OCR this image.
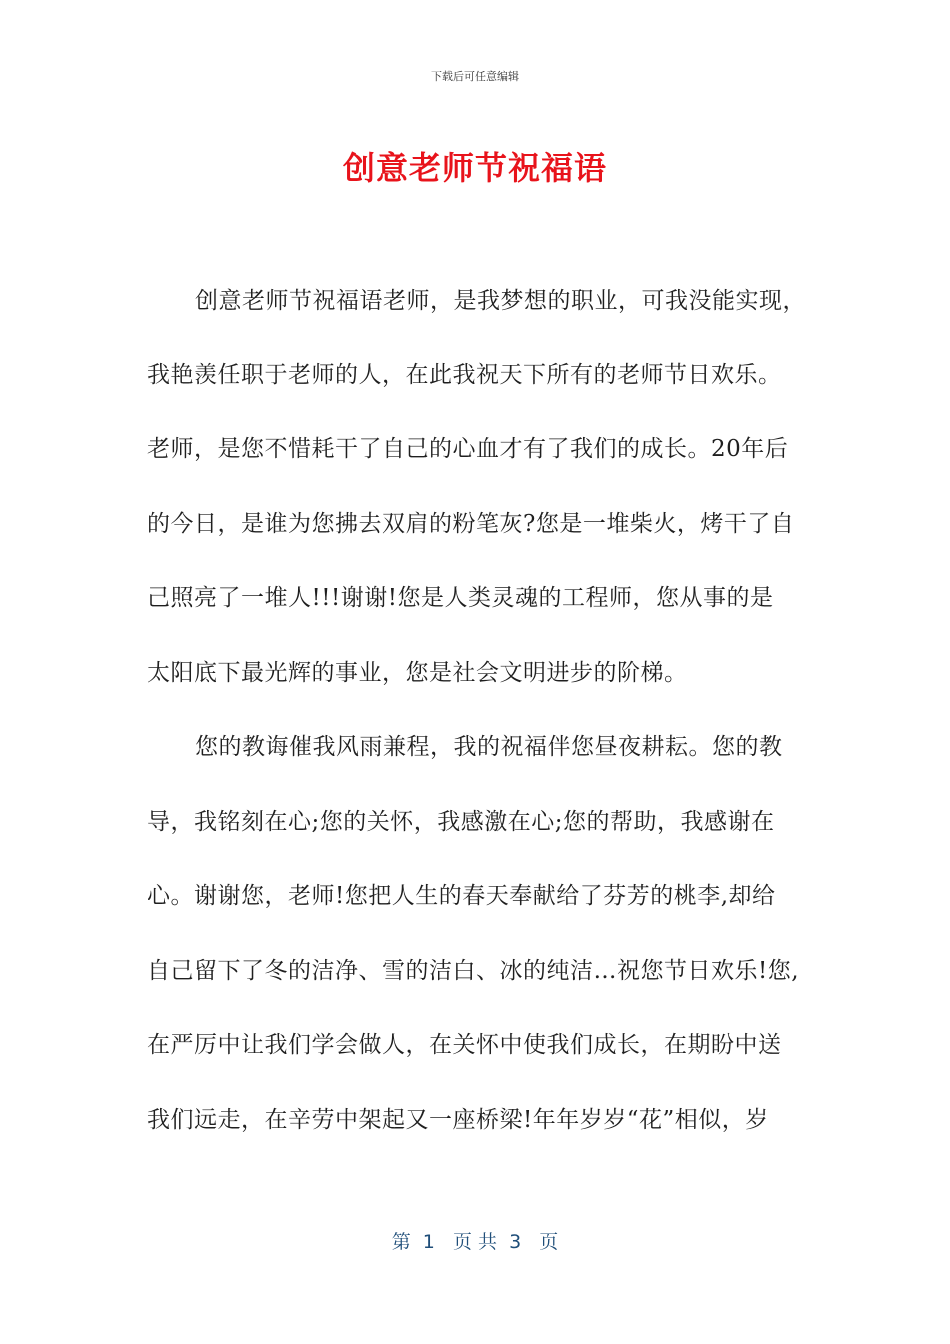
下载后可任意编辑
创意老师节祝福语
创意老师节祝福语老师，是我梦想的职业，可我没能实现，
我艳羡任职于老师的人，在此我祝天下所有的老师节日欢乐。
老师，是您不惜耗干了自己的心血才有了我们的成长。20年后
的今日，是谁为您拂去双肩的粉笔灰?您是一堆柴火，烤干了自
己照亮了一堆人!!!谢谢!您是人类灵魂的工程师，您从事的是
太阳底下最光辉的事业，您是社会文明进步的阶梯。
您的教诲催我风雨兼程，我的祝福伴您昼夜耕耘。您的教
导，我铭刻在心;您的关怀，我感激在心;您的帮助，我感谢在
心。谢谢您，老师!您把人生的春天奉献给了芬芳的桃李,却给
自己留下了冬的洁净、雪的洁白、冰的纯洁…祝您节日欢乐!您,
在严厉中让我们学会做人，在关怀中使我们成长，在期盼中送
我们远走，在辛劳中架起又一座桥梁!年年岁岁“花”相似，岁
第  1   页 共  3   页
